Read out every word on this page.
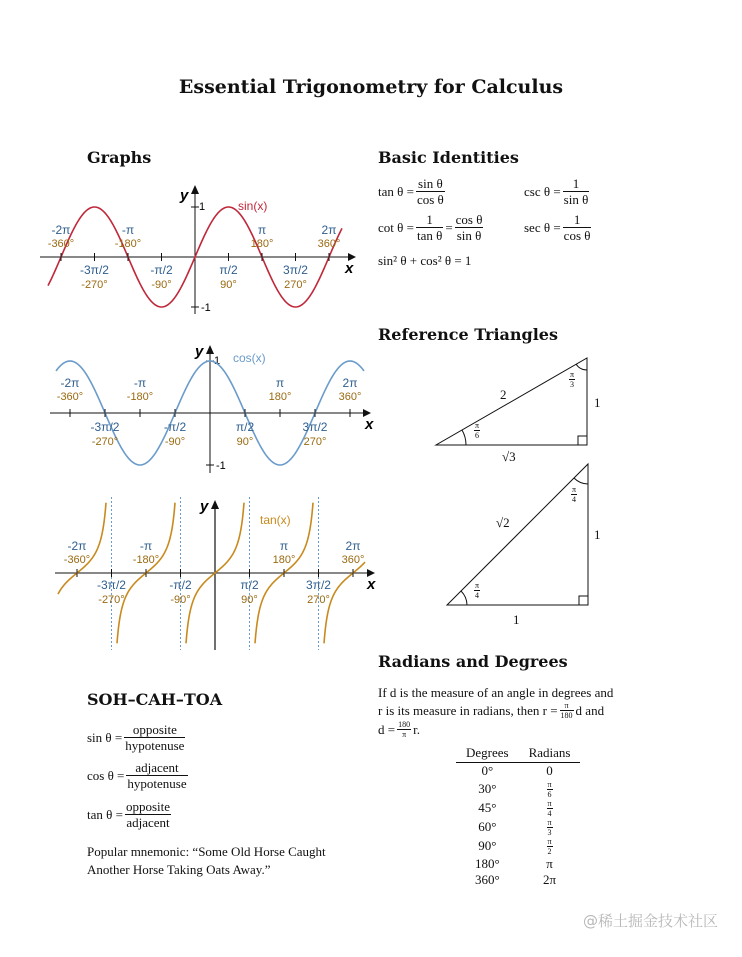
Essential Trigonometry for Calculus
Graphs
y
x
1
-1
sin(x)
-2π
-360°
-π
-180°
π
180°
2π
360°
-3π/2
-270°
-π/2
-90°
π/2
90°
3π/2
270°
y
x
1
-1
cos(x)
-2π
-360°
-π
-180°
π
180°
2π
360°
-3π/2
-270°
-π/2
-90°
π/2
90°
3π/2
270°
y
x
tan(x)
-2π
-360°
-π
-180°
π
180°
2π
360°
-3π/2
-270°
-π/2
-90°
π/2
90°
3π/2
270°
SOH–CAH–TOA
$\sin \theta = \frac{\text{opposite}}{\text{hypotenuse}}$
$\cos \theta = \frac{\text{adjacent}}{\text{hypotenuse}}$
$\tan \theta = \frac{\text{opposite}}{\text{adjacent}}$
Popular mnemonic: “Some Old Horse Caught
Another Horse Taking Oats Away.”
Basic Identities
$\tan \theta = \frac{\text{sin θ}}{\text{cos θ}}$	$\csc \theta = \frac{1}{\text{sin θ}}$
$\cot \theta = \frac{1}{\text{tan θ}} = \frac{\text{cos θ}}{\text{sin θ}}$	$\sec \theta = \frac{1}{\text{cos θ}}$
sin² θ + cos² θ = 1
Reference Triangles
2
1
√3
$\frac{\pi}{6}$
$\frac{\pi}{3}$
√2
1
1
$\frac{\pi}{4}$
$\frac{\pi}{4}$
Radians and Degrees
If d is the measure of an angle in degrees and
r is its measure in radians, then $r = \frac{\pi}{180}$ d and
$d = \frac{180}{\pi} r$.
Degrees	Radians
0°	0
30°	$\frac{\pi}{6}$

45°	$\frac{\pi}{4}$

60°	$\frac{\pi}{3}$

90°	$\frac{\pi}{2}$

180°	π
360°	2π
@稀土掘金技术社区
